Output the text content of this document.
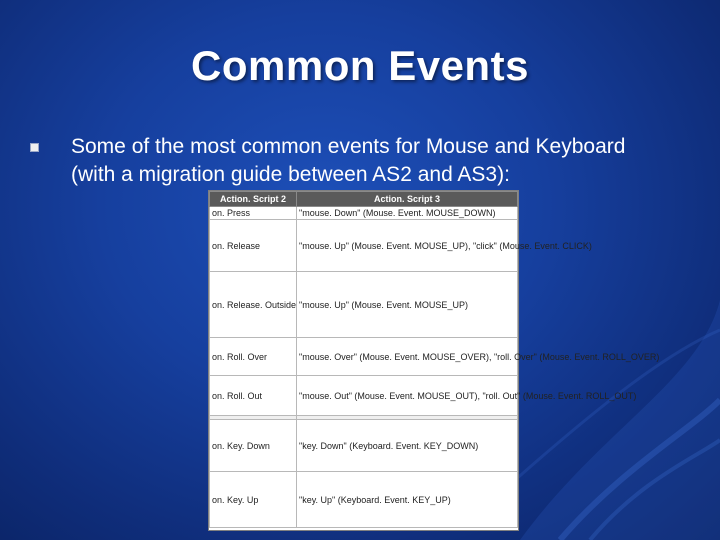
Common Events
Some of the most common events for Mouse and Keyboard
(with a migration guide between AS2 and AS3):
Action. Script 2	Action. Script 3
on. Press	"mouse. Down" (Mouse. Event. MOUSE_DOWN)
on. Release	"mouse. Up" (Mouse. Event. MOUSE_UP), "click" (Mouse. Event. CLICK)
on. Release. Outside	"mouse. Up" (Mouse. Event. MOUSE_UP)
on. Roll. Over	"mouse. Over" (Mouse. Event. MOUSE_OVER), "roll. Over" (Mouse. Event. ROLL_OVER)
on. Roll. Out	"mouse. Out" (Mouse. Event. MOUSE_OUT), "roll. Out" (Mouse. Event. ROLL_OUT)

on. Key. Down	"key. Down" (Keyboard. Event. KEY_DOWN)
on. Key. Up	"key. Up" (Keyboard. Event. KEY_UP)
